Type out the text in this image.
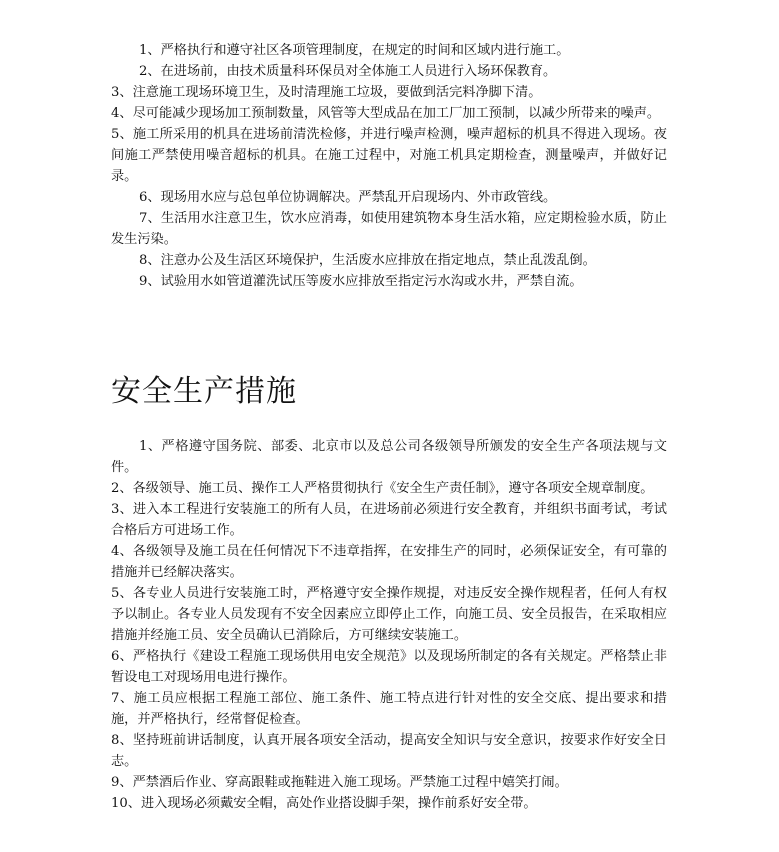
1、严格执行和遵守社区各项管理制度，在规定的时间和区域内进行施工。

2、在进场前，由技术质量科环保员对全体施工人员进行入场环保教育。

3、注意施工现场环境卫生，及时清理施工垃圾，要做到活完料净脚下清。

4、尽可能减少现场加工预制数量，风管等大型成品在加工厂加工预制，以减少所带来的噪声。

5、施工所采用的机具在进场前清洗检修，并进行噪声检测，噪声超标的机具不得进入现场。夜间施工严禁使用噪音超标的机具。在施工过程中，对施工机具定期检查，测量噪声，并做好记录。

6、现场用水应与总包单位协调解决。严禁乱开启现场内、外市政管线。

7、生活用水注意卫生，饮水应消毒，如使用建筑物本身生活水箱，应定期检验水质，防止发生污染。

8、注意办公及生活区环境保护，生活废水应排放在指定地点，禁止乱泼乱倒。

9、试验用水如管道灌洗试压等废水应排放至指定污水沟或水井，严禁自流。

安全生产措施

1、严格遵守国务院、部委、北京市以及总公司各级领导所颁发的安全生产各项法规与文件。

2、各级领导、施工员、操作工人严格贯彻执行《安全生产责任制》，遵守各项安全规章制度。

3、进入本工程进行安装施工的所有人员，在进场前必须进行安全教育，并组织书面考试，考试合格后方可进场工作。

4、各级领导及施工员在任何情况下不违章指挥，在安排生产的同时，必须保证安全，有可靠的措施并已经解决落实。

5、各专业人员进行安装施工时，严格遵守安全操作规提，对违反安全操作规程者，任何人有权予以制止。各专业人员发现有不安全因素应立即停止工作，向施工员、安全员报告，在采取相应措施并经施工员、安全员确认已消除后，方可继续安装施工。

6、严格执行《建设工程施工现场供用电安全规范》以及现场所制定的各有关规定。严格禁止非暂设电工对现场用电进行操作。

7、施工员应根据工程施工部位、施工条件、施工特点进行针对性的安全交底、提出要求和措施，并严格执行，经常督促检查。

8、坚持班前讲话制度，认真开展各项安全活动，提高安全知识与安全意识，按要求作好安全日志。

9、严禁酒后作业、穿高跟鞋或拖鞋进入施工现场。严禁施工过程中嬉笑打闹。

10、进入现场必须戴安全帽，高处作业搭设脚手架，操作前系好安全带。
